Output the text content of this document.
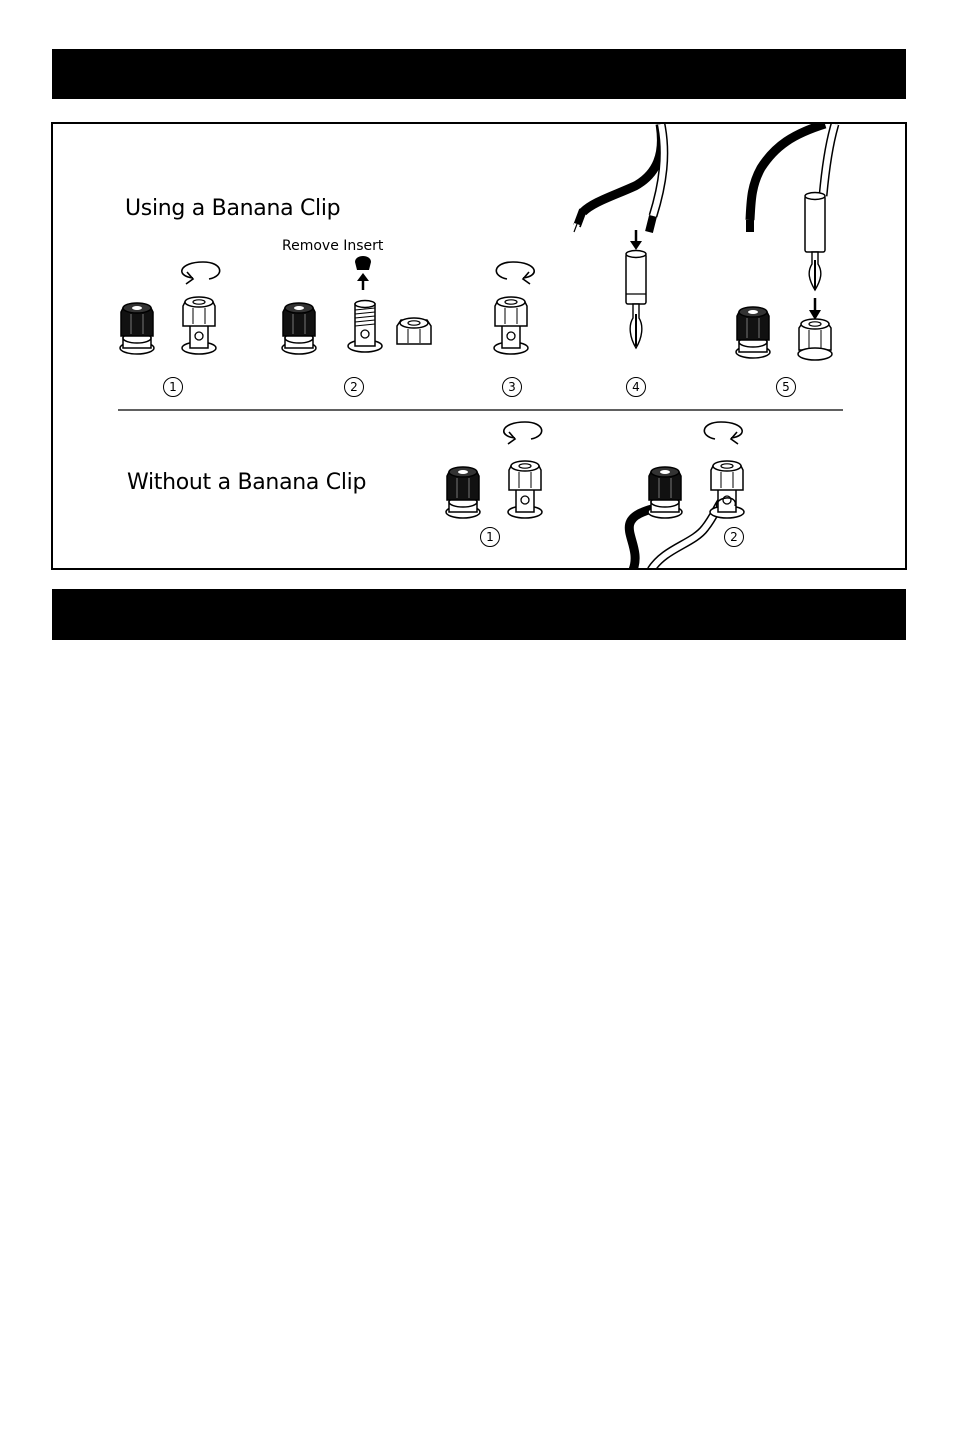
Using a Banana Clip
Remove Insert
Without a Banana Clip
1	2	3	4	5
1	2
